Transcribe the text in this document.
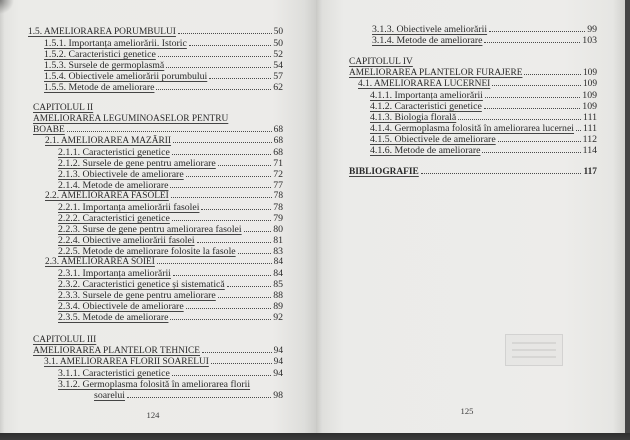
1.5. AMELIORAREA PORUMBULUI	50
1.5.1. Importanța ameliorării. Istoric	50
1.5.2. Caracteristici genetice	52
1.5.3. Sursele de germoplasmă	54
1.5.4. Obiectivele ameliorării porumbului	57
1.5.5. Metode de ameliorare	62
CAPITOLUL II
AMELIORAREA LEGUMINOASELOR PENTRU
BOABE	68
2.1. AMELIORAREA MAZĂRII	68
2.1.1. Caracteristici genetice	68
2.1.2. Sursele de gene pentru ameliorare	71
2.1.3. Obiectivele de ameliorare	72
2.1.4. Metode de ameliorare	77
2.2. AMELIORAREA FASOLEI	78
2.2.1. Importanța ameliorării fasolei	78
2.2.2. Caracteristici genetice	79
2.2.3. Surse de gene pentru ameliorarea fasolei	80
2.2.4. Obiective ameliorării fasolei	81
2.2.5. Metode de ameliorare folosite la fasole	83
2.3. AMELIORAREA SOIEI	84
2.3.1. Importanța ameliorării	84
2.3.2. Caracteristici genetice și sistematică	85
2.3.3. Sursele de gene pentru ameliorare	88
2.3.4. Obiectivele de ameliorare	89
2.3.5. Metode de ameliorare	92
CAPITOLUL III
AMELIORAREA PLANTELOR TEHNICE	94
3.1. AMELIORAREA FLORII SOARELUI	94
3.1.1. Caracteristici genetice	94
3.1.2. Germoplasma folosită în ameliorarea florii
soarelui	98
124
3.1.3. Obiectivele ameliorării	99
3.1.4. Metode de ameliorare	103
CAPITOLUL IV
AMELIORAREA PLANTELOR FURAJERE	109
4.1. AMELIORAREA LUCERNEI	109
4.1.1. Importanța ameliorării	109
4.1.2. Caracteristici genetice	109
4.1.3. Biologia florală	111
4.1.4. Germoplasma folosită în ameliorarea lucernei 111
4.1.5. Obiectivele de ameliorare	112
4.1.6. Metode de ameliorare	114
BIBLIOGRAFIE	117
125
